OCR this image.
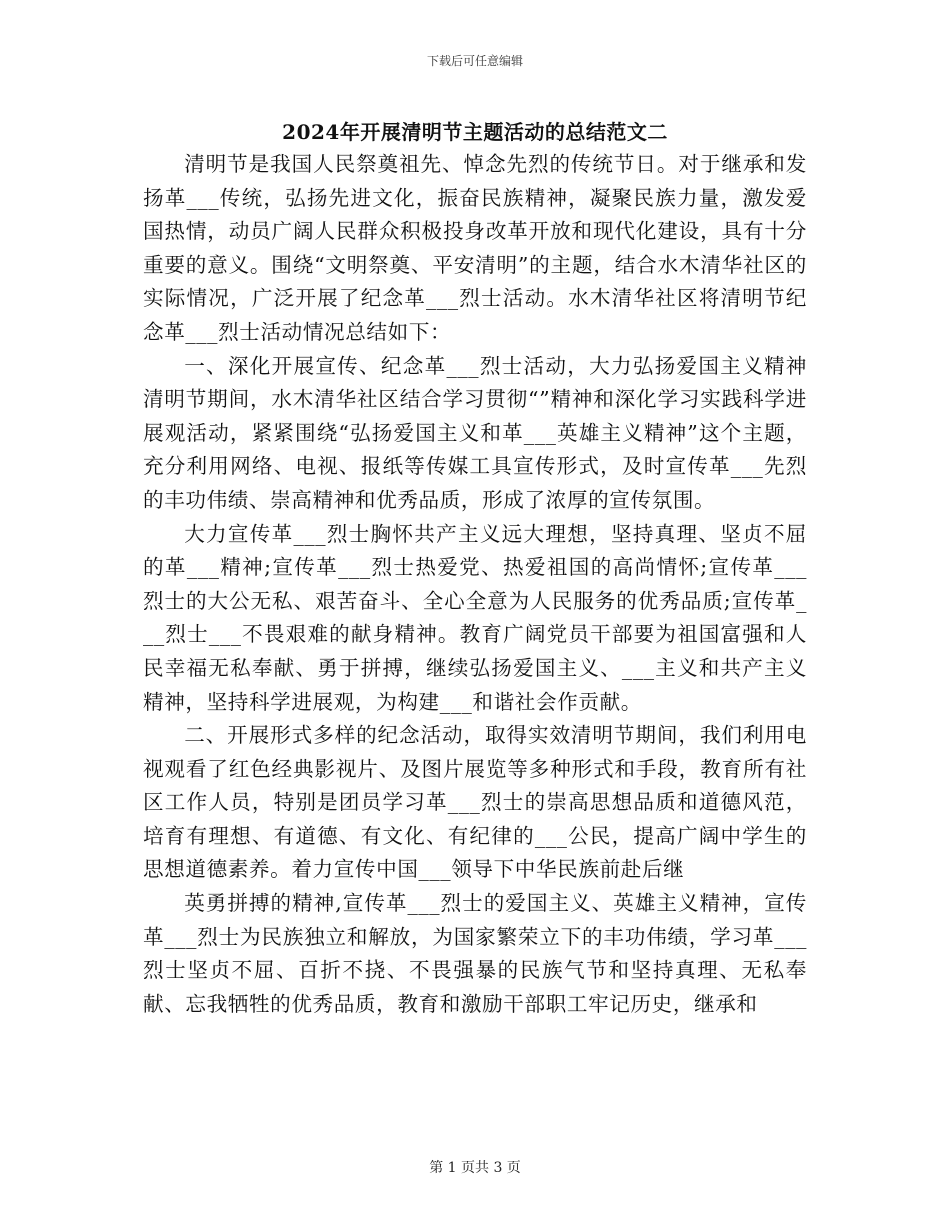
下载后可任意编辑
2024年开展清明节主题活动的总结范文二

清明节是我国人民祭奠祖先、悼念先烈的传统节日。对于继承和发扬革___传统，弘扬先进文化，振奋民族精神，凝聚民族力量，激发爱国热情，动员广阔人民群众积极投身改革开放和现代化建设，具有十分重要的意义。围绕“文明祭奠、平安清明”的主题，结合水木清华社区的实际情况，广泛开展了纪念革___烈士活动。水木清华社区将清明节纪念革___烈士活动情况总结如下：

一、深化开展宣传、纪念革___烈士活动，大力弘扬爱国主义精神清明节期间，水木清华社区结合学习贯彻“”精神和深化学习实践科学进展观活动，紧紧围绕“弘扬爱国主义和革___英雄主义精神”这个主题，充分利用网络、电视、报纸等传媒工具宣传形式，及时宣传革___先烈的丰功伟绩、崇高精神和优秀品质，形成了浓厚的宣传氛围。

大力宣传革___烈士胸怀共产主义远大理想，坚持真理、坚贞不屈的革___精神;宣传革___烈士热爱党、热爱祖国的高尚情怀;宣传革___烈士的大公无私、艰苦奋斗、全心全意为人民服务的优秀品质;宣传革___烈士___不畏艰难的献身精神。教育广阔党员干部要为祖国富强和人民幸福无私奉献、勇于拼搏，继续弘扬爱国主义、___主义和共产主义精神，坚持科学进展观，为构建___和谐社会作贡献。

二、开展形式多样的纪念活动，取得实效清明节期间，我们利用电视观看了红色经典影视片、及图片展览等多种形式和手段，教育所有社区工作人员，特别是团员学习革___烈士的崇高思想品质和道德风范，培育有理想、有道德、有文化、有纪律的___公民，提高广阔中学生的思想道德素养。着力宣传中国___领导下中华民族前赴后继

英勇拼搏的精神,宣传革___烈士的爱国主义、英雄主义精神，宣传革___烈士为民族独立和解放，为国家繁荣立下的丰功伟绩，学习革___烈士坚贞不屈、百折不挠、不畏强暴的民族气节和坚持真理、无私奉献、忘我牺牲的优秀品质，教育和激励干部职工牢记历史，继承和

第 1 页共 3 页
